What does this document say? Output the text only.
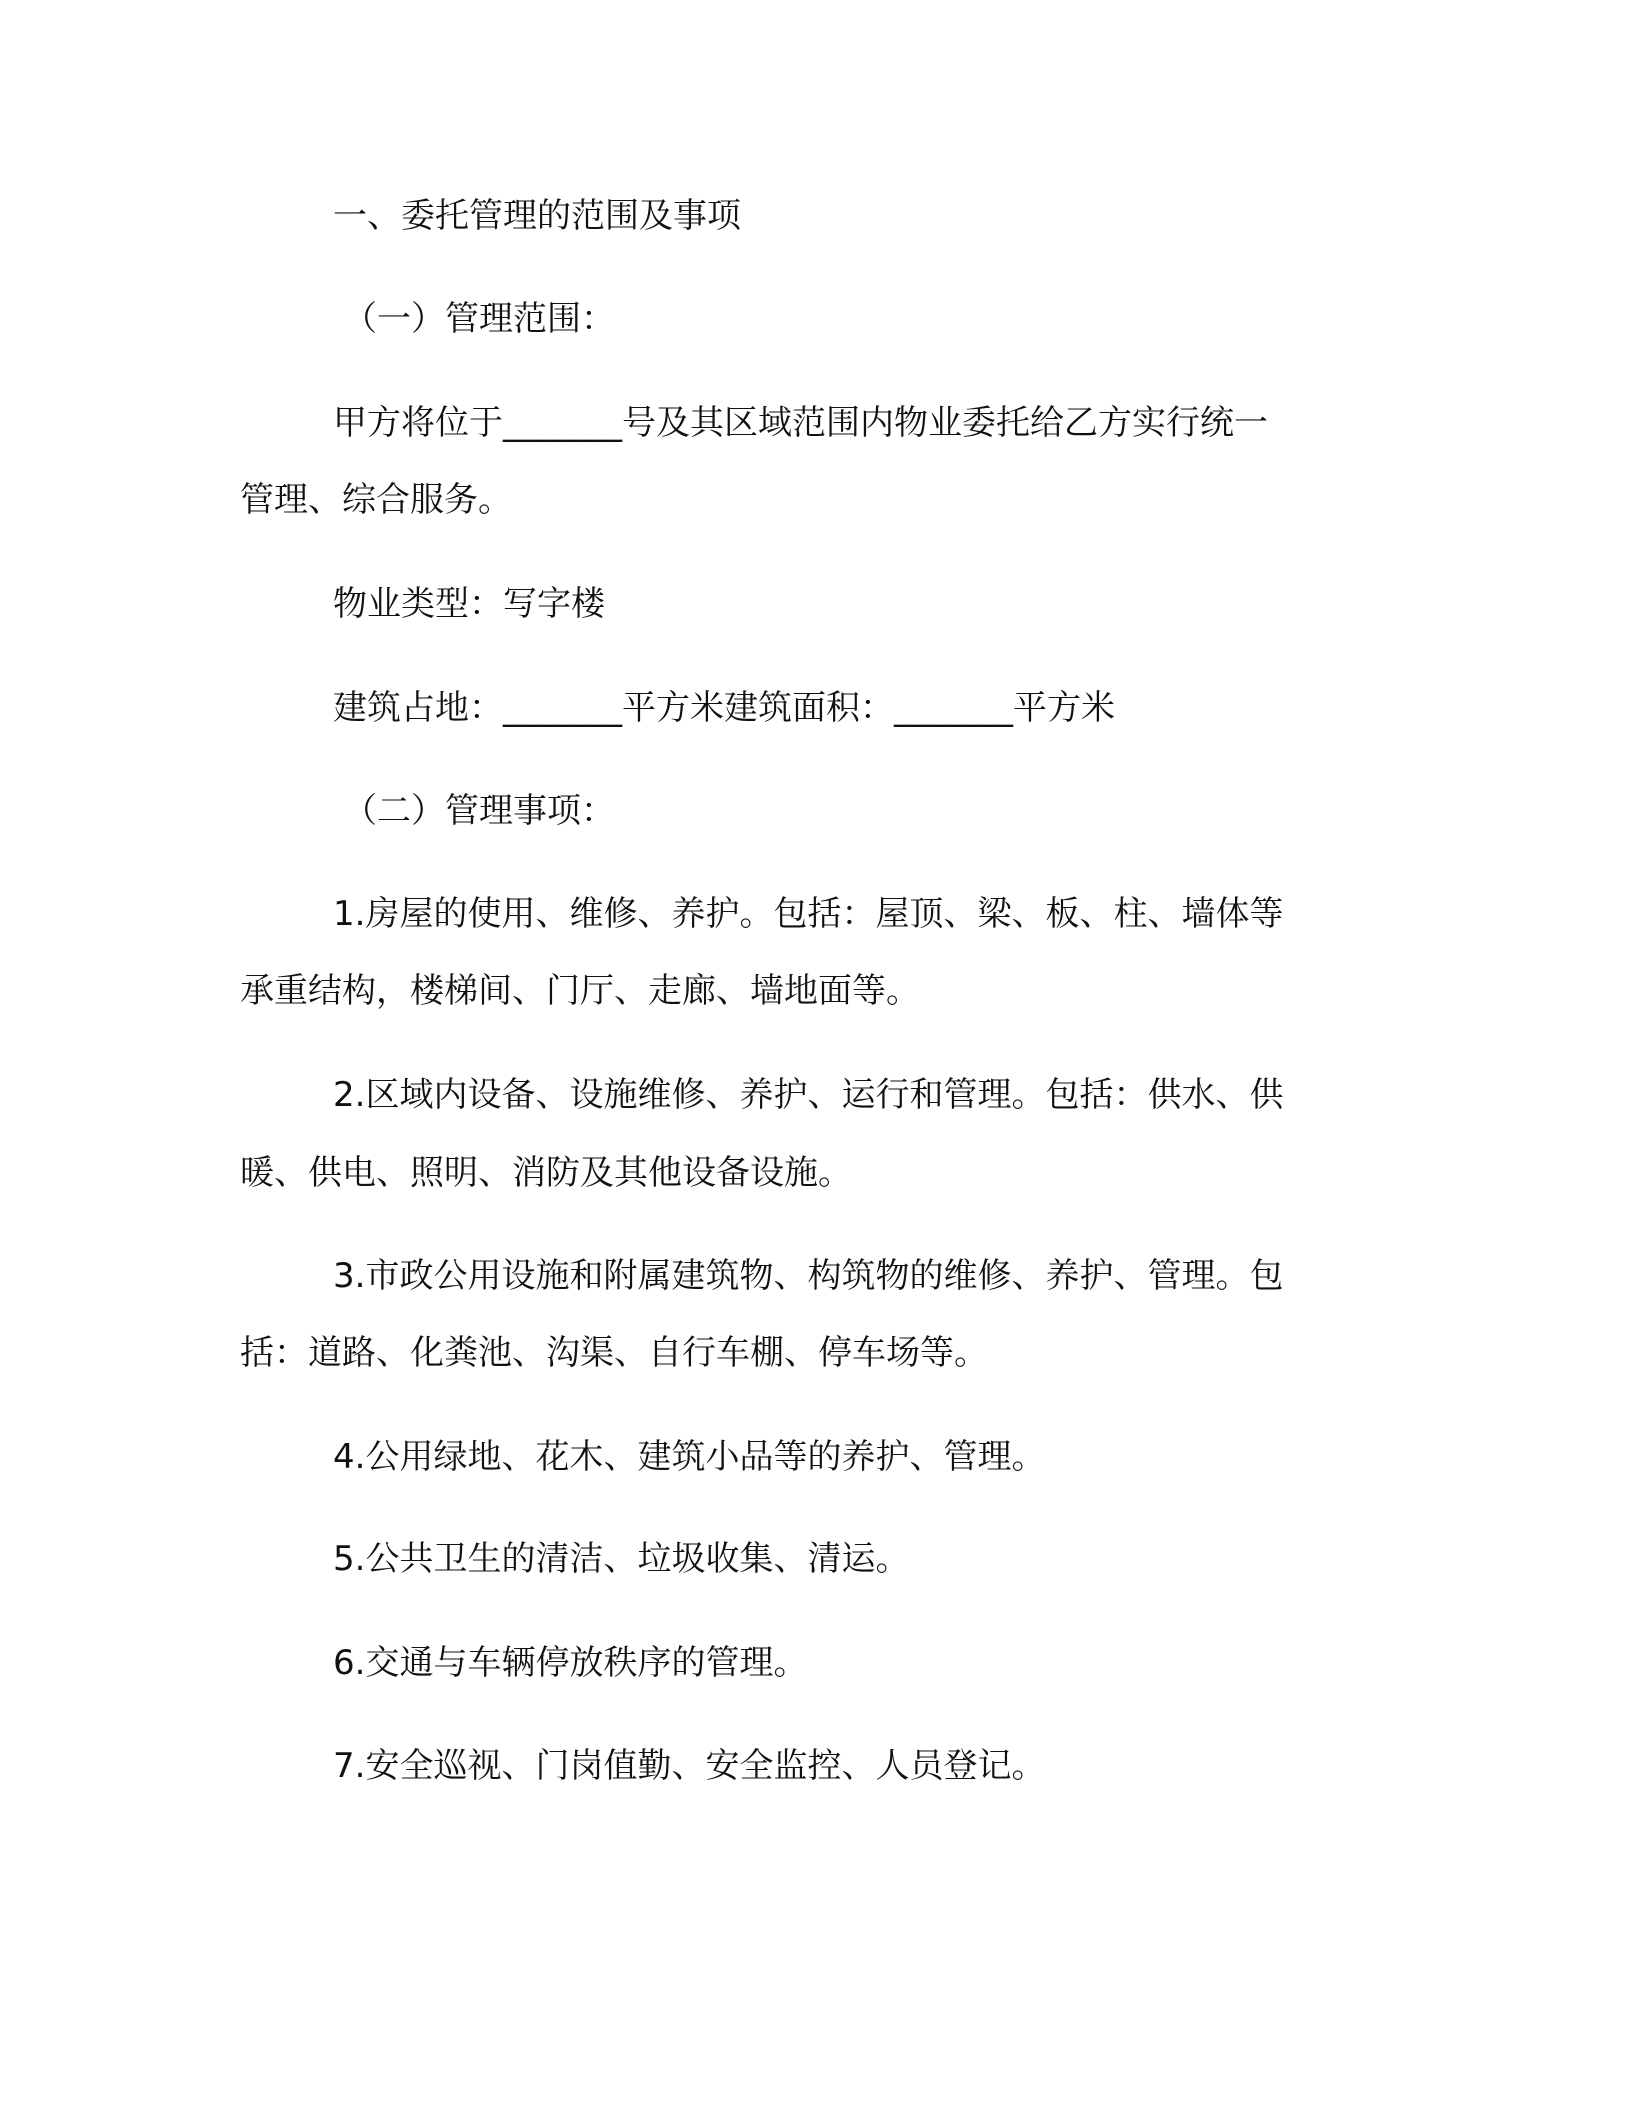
一、委托管理的范围及事项
（一）管理范围：
甲方将位于_______号及其区域范围内物业委托给乙方实行统一
管理、综合服务。
物业类型：写字楼
建筑占地：_______平方米建筑面积：_______平方米
（二）管理事项：
1.房屋的使用、维修、养护。包括：屋顶、梁、板、柱、墙体等
承重结构，楼梯间、门厅、走廊、墙地面等。
2.区域内设备、设施维修、养护、运行和管理。包括：供水、供
暖、供电、照明、消防及其他设备设施。
3.市政公用设施和附属建筑物、构筑物的维修、养护、管理。包
括：道路、化粪池、沟渠、自行车棚、停车场等。
4.公用绿地、花木、建筑小品等的养护、管理。
5.公共卫生的清洁、垃圾收集、清运。
6.交通与车辆停放秩序的管理。
7.安全巡视、门岗值勤、安全监控、人员登记。
